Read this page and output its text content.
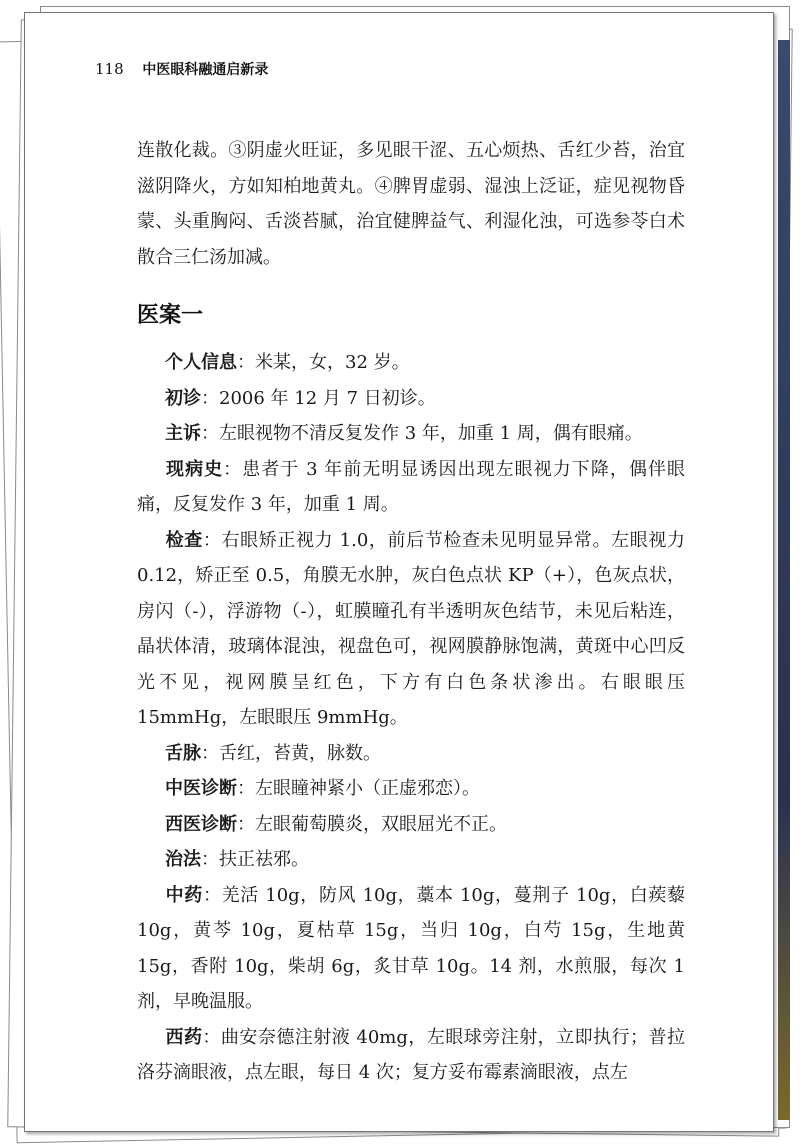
118 中医眼科融通启新录

连散化裁。③阴虚火旺证，多见眼干涩、五心烦热、舌红少苔，治宜滋阴降火，方如知柏地黄丸。④脾胃虚弱、湿浊上泛证，症见视物昏蒙、头重胸闷、舌淡苔腻，治宜健脾益气、利湿化浊，可选参苓白术散合三仁汤加减。

医案一

个人信息：米某，女，32 岁。

初诊：2006 年 12 月 7 日初诊。

主诉：左眼视物不清反复发作 3 年，加重 1 周，偶有眼痛。

现病史：患者于 3 年前无明显诱因出现左眼视力下降，偶伴眼痛，反复发作 3 年，加重 1 周。

检查：右眼矫正视力 1.0，前后节检查未见明显异常。左眼视力 0.12，矫正至 0.5，角膜无水肿，灰白色点状 KP（+），色灰点状，房闪（-），浮游物（-），虹膜瞳孔有半透明灰色结节，未见后粘连，晶状体清，玻璃体混浊，视盘色可，视网膜静脉饱满，黄斑中心凹反光不见，视网膜呈红色，下方有白色条状渗出。右眼眼压 15mmHg，左眼眼压 9mmHg。

舌脉：舌红，苔黄，脉数。

中医诊断：左眼瞳神紧小（正虚邪恋）。

西医诊断：左眼葡萄膜炎，双眼屈光不正。

治法：扶正祛邪。

中药：羌活 10g，防风 10g，藁本 10g，蔓荆子 10g，白蒺藜 10g，黄芩 10g，夏枯草 15g，当归 10g，白芍 15g，生地黄 15g，香附 10g，柴胡 6g，炙甘草 10g。14 剂，水煎服，每次 1 剂，早晚温服。

西药：曲安奈德注射液 40mg，左眼球旁注射，立即执行；普拉洛芬滴眼液，点左眼，每日 4 次；复方妥布霉素滴眼液，点左
